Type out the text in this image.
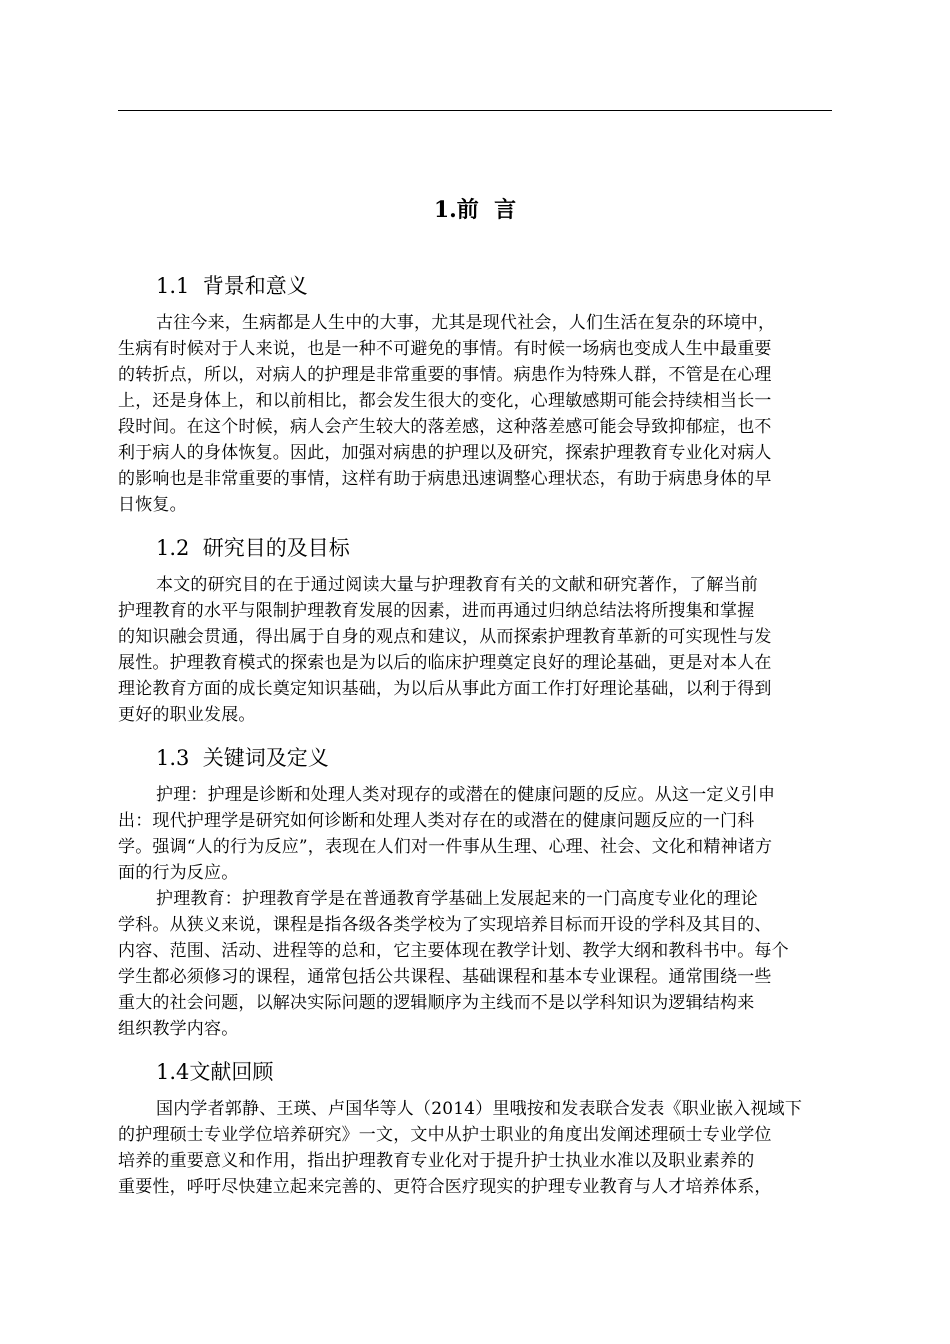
1.前  言
1.1  背景和意义

古往今来，生病都是人生中的大事，尤其是现代社会，人们生活在复杂的环境中，
生病有时候对于人来说，也是一种不可避免的事情。有时候一场病也变成人生中最重要
的转折点，所以，对病人的护理是非常重要的事情。病患作为特殊人群，不管是在心理
上，还是身体上，和以前相比，都会发生很大的变化，心理敏感期可能会持续相当长一
段时间。在这个时候，病人会产生较大的落差感，这种落差感可能会导致抑郁症，也不
利于病人的身体恢复。因此，加强对病患的护理以及研究，探索护理教育专业化对病人
的影响也是非常重要的事情，这样有助于病患迅速调整心理状态，有助于病患身体的早
日恢复。

1.2  研究目的及目标

本文的研究目的在于通过阅读大量与护理教育有关的文献和研究著作，了解当前
护理教育的水平与限制护理教育发展的因素，进而再通过归纳总结法将所搜集和掌握
的知识融会贯通，得出属于自身的观点和建议，从而探索护理教育革新的可实现性与发
展性。护理教育模式的探索也是为以后的临床护理奠定良好的理论基础，更是对本人在
理论教育方面的成长奠定知识基础，为以后从事此方面工作打好理论基础，以利于得到
更好的职业发展。

1.3  关键词及定义

护理：护理是诊断和处理人类对现存的或潜在的健康问题的反应。从这一定义引申
出：现代护理学是研究如何诊断和处理人类对存在的或潜在的健康问题反应的一门科
学。强调“人的行为反应”，表现在人们对一件事从生理、心理、社会、文化和精神诸方
面的行为反应。

护理教育：护理教育学是在普通教育学基础上发展起来的一门高度专业化的理论
学科。从狭义来说，课程是指各级各类学校为了实现培养目标而开设的学科及其目的、
内容、范围、活动、进程等的总和，它主要体现在教学计划、教学大纲和教科书中。每个
学生都必须修习的课程，通常包括公共课程、基础课程和基本专业课程。通常围绕一些
重大的社会问题，以解决实际问题的逻辑顺序为主线而不是以学科知识为逻辑结构来
组织教学内容。

1.4文献回顾

国内学者郭静、王瑛、卢国华等人（2014）里哦按和发表联合发表《职业嵌入视域下
的护理硕士专业学位培养研究》一文，文中从护士职业的角度出发阐述理硕士专业学位
培养的重要意义和作用，指出护理教育专业化对于提升护士执业水准以及职业素养的
重要性，呼吁尽快建立起来完善的、更符合医疗现实的护理专业教育与人才培养体系，
